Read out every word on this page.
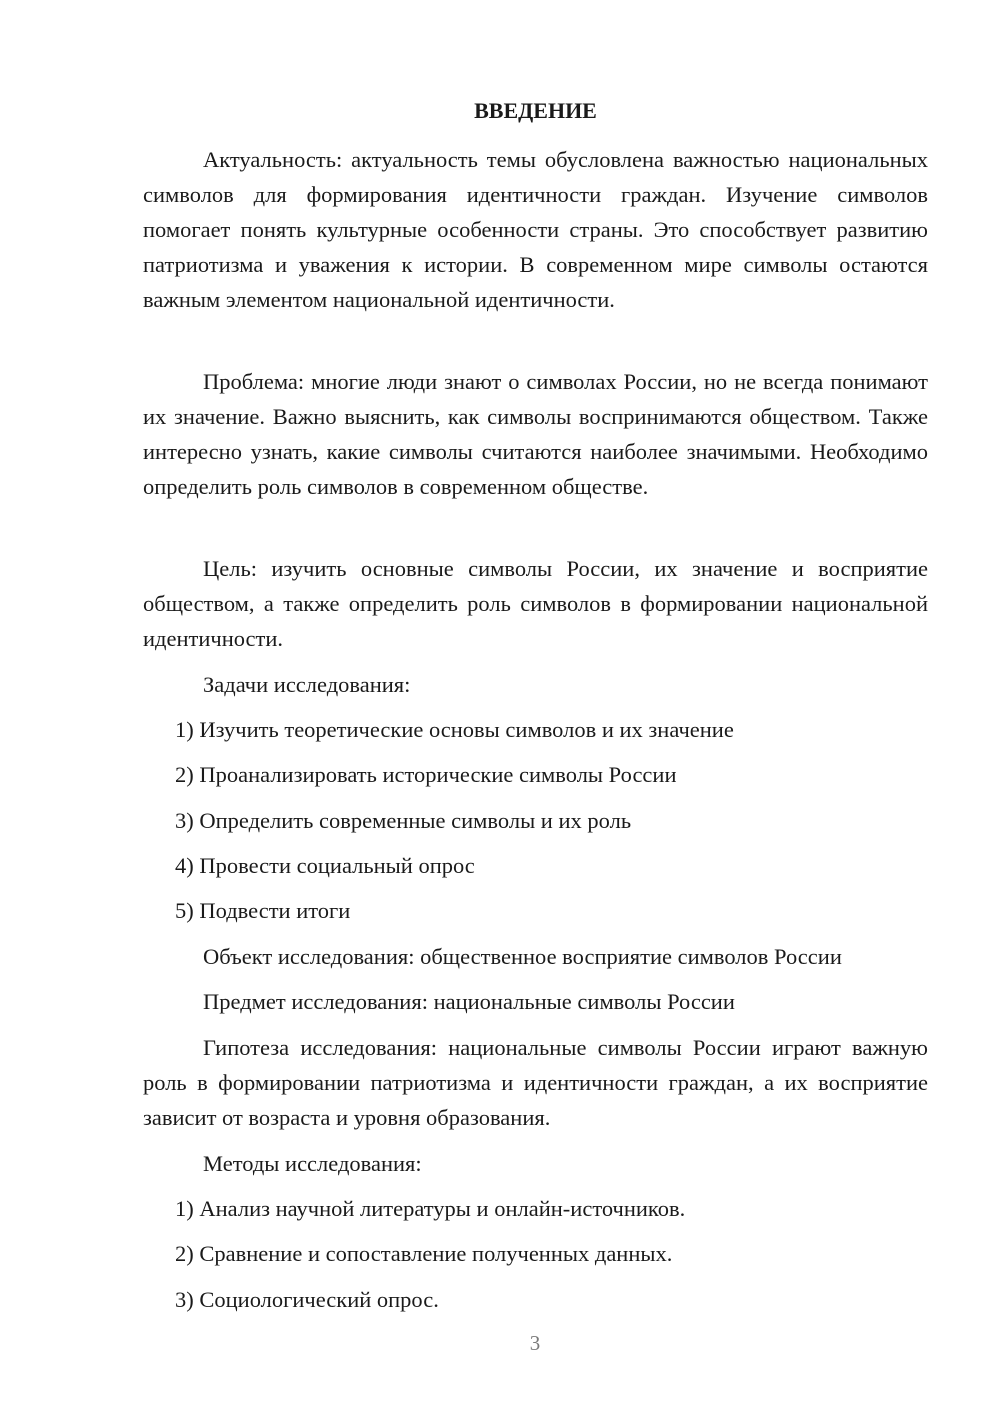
ВВЕДЕНИЕ

Актуальность: актуальность темы обусловлена важностью национальных символов для формирования идентичности граждан. Изучение символов помогает понять культурные особенности страны. Это способствует развитию патриотизма и уважения к истории. В современном мире символы остаются важным элементом национальной идентичности.

Проблема: многие люди знают о символах России, но не всегда понимают их значение. Важно выяснить, как символы воспринимаются обществом. Также интересно узнать, какие символы считаются наиболее значимыми. Необходимо определить роль символов в современном обществе.

Цель: изучить основные символы России, их значение и восприятие обществом, а также определить роль символов в формировании национальной идентичности.

Задачи исследования:

1) Изучить теоретические основы символов и их значение

2) Проанализировать исторические символы России

3) Определить современные символы и их роль

4) Провести социальный опрос

5) Подвести итоги

Объект исследования: общественное восприятие символов России

Предмет исследования: национальные символы России

Гипотеза исследования: национальные символы России играют важную роль в формировании патриотизма и идентичности граждан, а их восприятие зависит от возраста и уровня образования.

Методы исследования:

1) Анализ научной литературы и онлайн-источников.

2) Сравнение и сопоставление полученных данных.

3) Социологический опрос.

3
